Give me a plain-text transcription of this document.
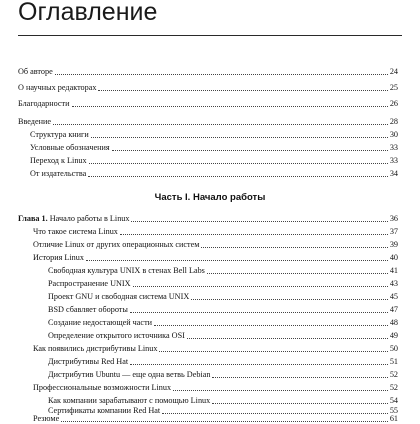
Оглавление
Об авторе	24
О научных редакторах	25
Благодарности	26
Введение	28
Структура книги	30
Условные обозначения	33
Переход к Linux	33
От издательства	34
Часть I. Начало работы
Глава 1. Начало работы в Linux	36
Что такое система Linux	37
Отличие Linux от других операционных систем	39
История Linux	40
Свободная культура UNIX в стенах Bell Labs	41
Распространение UNIX	43
Проект GNU и свободная система UNIX	45
BSD сбавляет обороты	47
Создание недостающей части	48
Определение открытого источника OSI	49
Как появились дистрибутивы Linux	50
Дистрибутивы Red Hat	51
Дистрибутив Ubuntu — еще одна ветвь Debian	52
Профессиональные возможности Linux	52
Как компании зарабатывают с помощью Linux	54
Сертификаты компании Red Hat	55
Резюме	61
